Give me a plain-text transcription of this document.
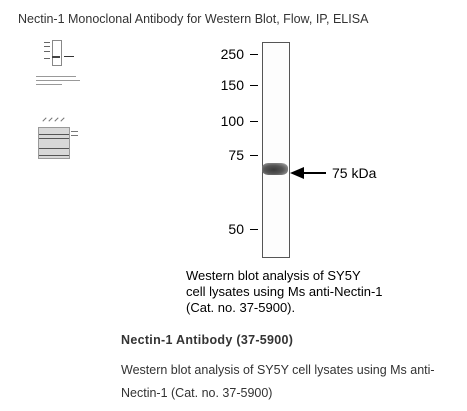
Nectin-1 Monoclonal Antibody for Western Blot, Flow, IP, ELISA
250
150
100
75
50
75 kDa
Western blot analysis of SY5Y
cell lysates using Ms anti-Nectin-1
(Cat. no. 37-5900).
Nectin-1 Antibody (37-5900)
Western blot analysis of SY5Y cell lysates using Ms anti-
Nectin-1 (Cat. no. 37-5900)
